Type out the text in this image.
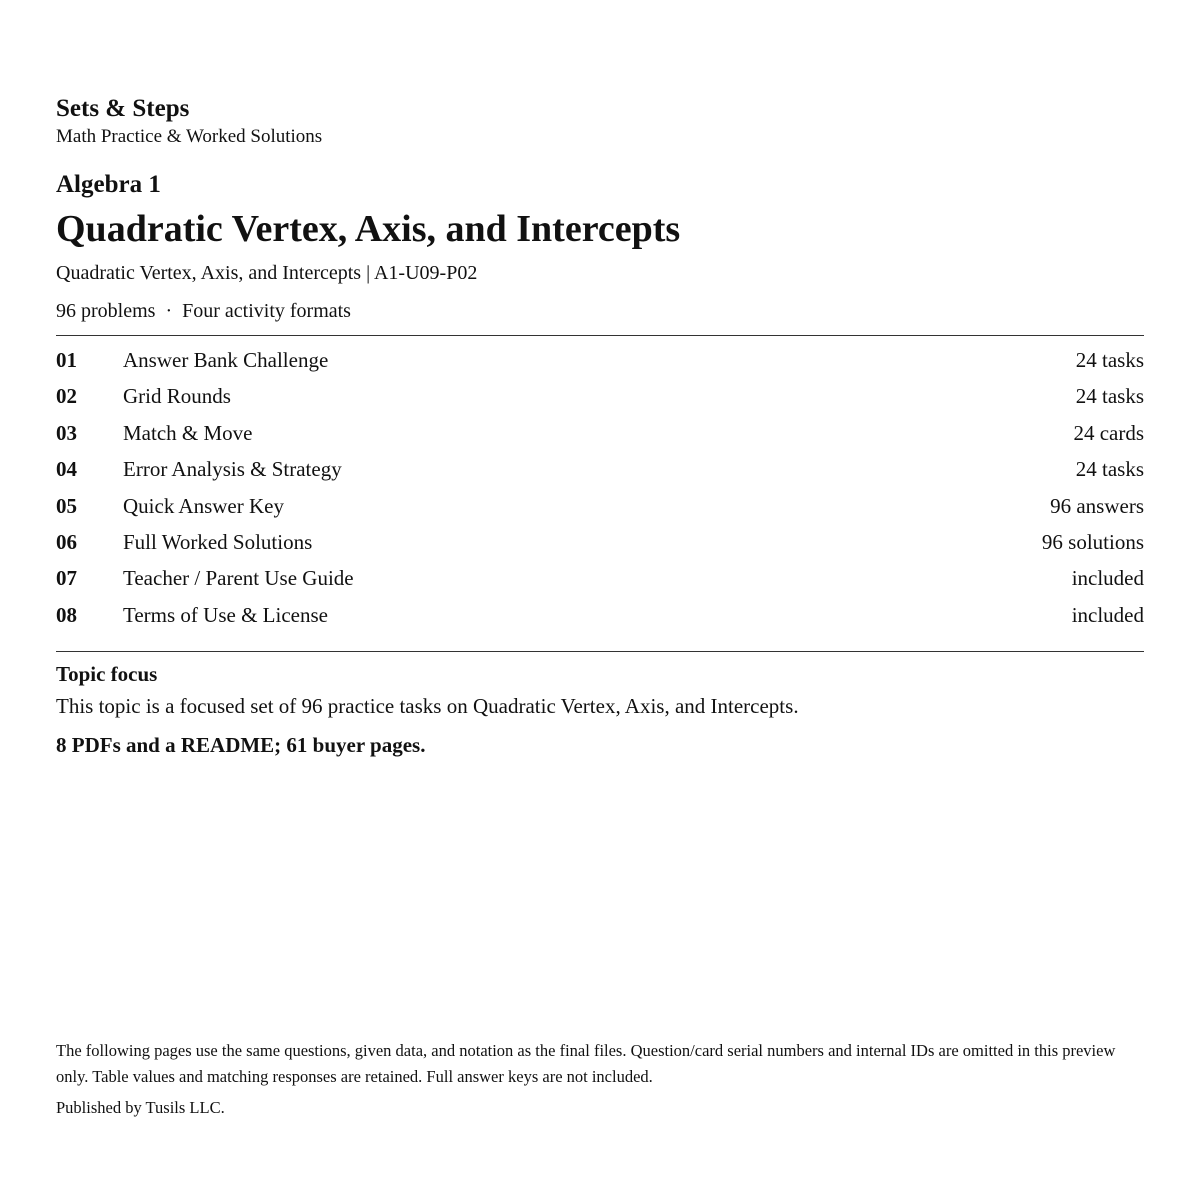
Sets & Steps
Math Practice & Worked Solutions
Algebra 1
Quadratic Vertex, Axis, and Intercepts
Quadratic Vertex, Axis, and Intercepts | A1-U09-P02
96 problems · Four activity formats
01 Answer Bank Challenge	24 tasks
02 Grid Rounds	24 tasks
03 Match & Move	24 cards
04 Error Analysis & Strategy	24 tasks
05 Quick Answer Key	96 answers
06 Full Worked Solutions	96 solutions
07 Teacher / Parent Use Guide	included
08 Terms of Use & License	included
Topic focus
This topic is a focused set of 96 practice tasks on Quadratic Vertex, Axis, and Intercepts.
8 PDFs and a README; 61 buyer pages.
The following pages use the same questions, given data, and notation as the final files. Question/card serial numbers and internal IDs are omitted in this preview only. Table values and matching responses are retained. Full answer keys are not included.
Published by Tusils LLC.
